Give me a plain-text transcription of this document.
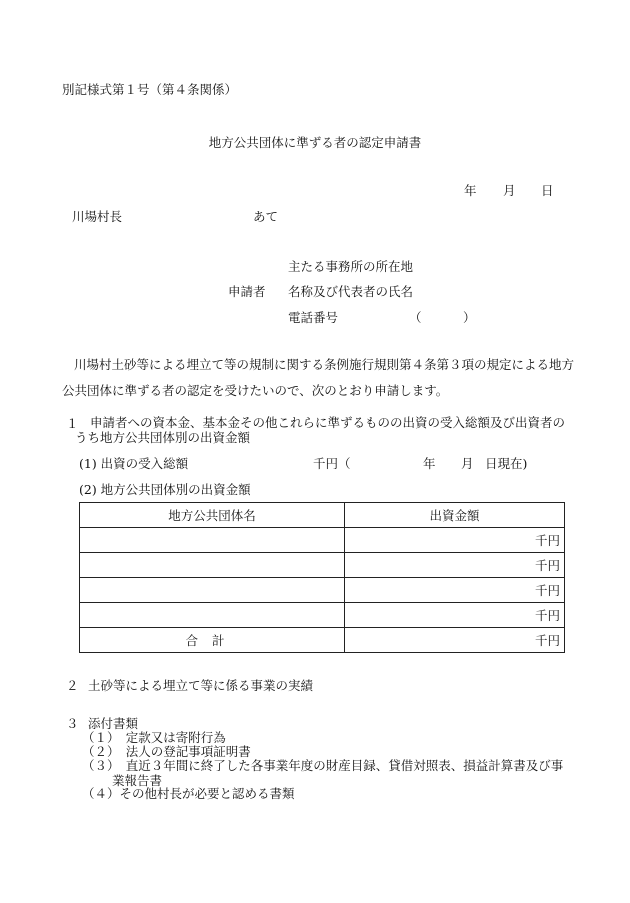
別記様式第１号（第４条関係）
地方公共団体に準ずる者の認定申請書
年 月 日
川場村長	あて
主たる事務所の所在地
申請者 名称及び代表者の氏名
電話番号	（	）
川場村土砂等による埋立て等の規制に関する条例施行規則第４条第３項の規定による地方公共団体に準ずる者の認定を受けたいので、次のとおり申請します。
１ 申請者への資本金、基本金その他これらに準ずるものの出資の受入総額及び出資者の
うち地方公共団体別の出資金額
(1) 出資の受入総額	千円（	年 月 日現在)
(2) 地方公共団体別の出資金額
地方公共団体名	出資金額
	千円
	千円
	千円
	千円
合計	千円
２ 土砂等による埋立て等に係る事業の実績
３ 添付書類
（１）　定款又は寄附行為
（２）　法人の登記事項証明書
（３）　直近３年間に終了した各事業年度の財産目録、貸借対照表、損益計算書及び事
業報告書
（４）その他村長が必要と認める書類
